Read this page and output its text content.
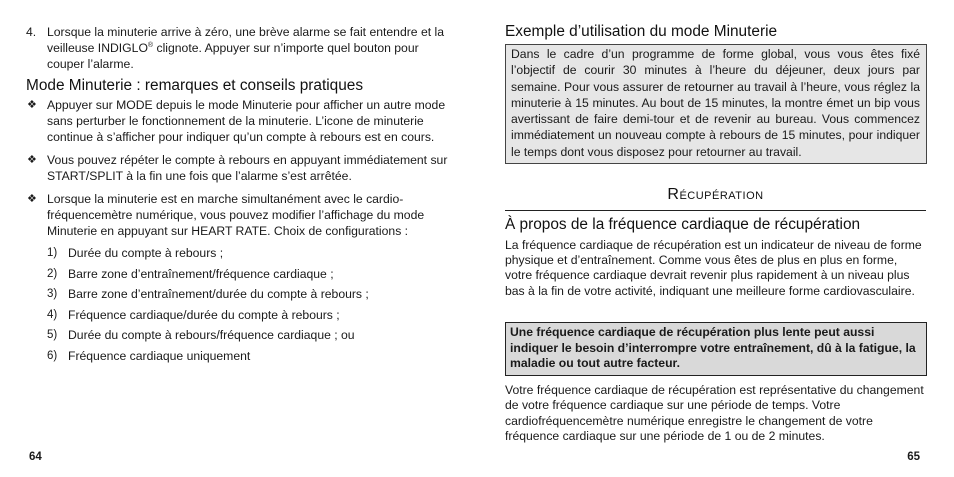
4. Lorsque la minuterie arrive à zéro, une brève alarme se fait entendre et la veilleuse INDIGLO® clignote. Appuyer sur n’importe quel bouton pour couper l’alarme.
Mode Minuterie : remarques et conseils pratiques
❖ Appuyer sur MODE depuis le mode Minuterie pour afficher un autre mode sans perturber le fonctionnement de la minuterie. L’icone de minuterie continue à s’afficher pour indiquer qu’un compte à rebours est en cours.
❖ Vous pouvez répéter le compte à rebours en appuyant immédiatement sur START/SPLIT à la fin une fois que l’alarme s’est arrêtée.
❖ Lorsque la minuterie est en marche simultanément avec le cardio-fréquencemètre numérique, vous pouvez modifier l’affichage du mode Minuterie en appuyant sur HEART RATE. Choix de configurations :
1) Durée du compte à rebours ;
2) Barre zone d’entraînement/fréquence cardiaque ;
3) Barre zone d’entraînement/durée du compte à rebours ;
4) Fréquence cardiaque/durée du compte à rebours ;
5) Durée du compte à rebours/fréquence cardiaque ; ou
6) Fréquence cardiaque uniquement
64
Exemple d’utilisation du mode Minuterie
Dans le cadre d’un programme de forme global, vous vous êtes fixé l’objectif de courir 30 minutes à l’heure du déjeuner, deux jours par semaine. Pour vous assurer de retourner au travail à l’heure, vous réglez la minuterie à 15 minutes. Au bout de 15 minutes, la montre émet un bip vous avertissant de faire demi-tour et de revenir au bureau. Vous commencez immédiatement un nouveau compte à rebours de 15 minutes, pour indiquer le temps dont vous disposez pour retourner au travail.
Récupération
À propos de la fréquence cardiaque de récupération
La fréquence cardiaque de récupération est un indicateur de niveau de forme physique et d’entraînement. Comme vous êtes de plus en plus en forme, votre fréquence cardiaque devrait revenir plus rapidement à un niveau plus bas à la fin de votre activité, indiquant une meilleure forme cardiovasculaire.
Une fréquence cardiaque de récupération plus lente peut aussi indiquer le besoin d’interrompre votre entraînement, dû à la fatigue, la maladie ou tout autre facteur.
Votre fréquence cardiaque de récupération est représentative du changement de votre fréquence cardiaque sur une période de temps. Votre cardiofréquencemètre numérique enregistre le changement de votre fréquence cardiaque sur une période de 1 ou de 2 minutes.
65
